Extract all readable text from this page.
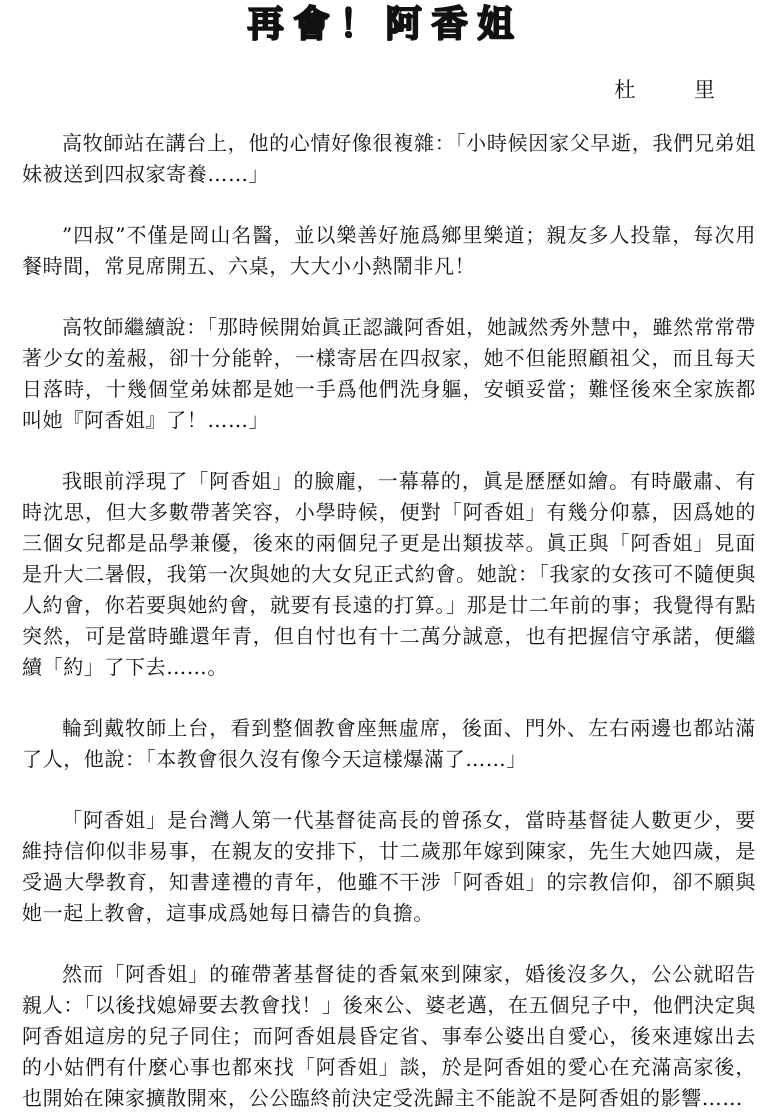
再會！阿香姐
杜 里

高牧師站在講台上，他的心情好像很複雜：「小時候因家父早逝，我們兄弟姐妹被送到四叔家寄養……」

”四叔”不僅是岡山名醫，並以樂善好施爲鄉里樂道；親友多人投靠，每次用餐時間，常見席開五、六桌，大大小小熱鬧非凡！

高牧師繼續說：「那時候開始眞正認識阿香姐，她誠然秀外慧中，雖然常常帶著少女的羞赧，卻十分能幹，一樣寄居在四叔家，她不但能照顧祖父，而且每天日落時，十幾個堂弟妹都是她一手爲他們洗身軀，安頓妥當；難怪後來全家族都叫她『阿香姐』了！……」

我眼前浮現了「阿香姐」的臉龐，一幕幕的，眞是歷歷如繪。有時嚴肅、有時沈思，但大多數帶著笑容，小學時候，便對「阿香姐」有幾分仰慕，因爲她的三個女兒都是品學兼優，後來的兩個兒子更是出類拔萃。眞正與「阿香姐」見面是升大二暑假，我第一次與她的大女兒正式約會。她說：「我家的女孩可不隨便與人約會，你若要與她約會，就要有長遠的打算。」那是廿二年前的事；我覺得有點突然，可是當時雖還年青，但自忖也有十二萬分誠意，也有把握信守承諾，便繼續「約」了下去……。

輪到戴牧師上台，看到整個教會座無虛席，後面、門外、左右兩邊也都站滿了人，他說：「本教會很久沒有像今天這樣爆滿了……」

「阿香姐」是台灣人第一代基督徒高長的曾孫女，當時基督徒人數更少，要維持信仰似非易事，在親友的安排下，廿二歲那年嫁到陳家，先生大她四歲，是受過大學教育，知書達禮的青年，他雖不干涉「阿香姐」的宗教信仰，卻不願與她一起上教會，這事成爲她每日禱告的負擔。

然而「阿香姐」的確帶著基督徒的香氣來到陳家，婚後沒多久，公公就昭告親人：「以後找媳婦要去教會找！」後來公、婆老邁，在五個兒子中，他們決定與阿香姐這房的兒子同住；而阿香姐晨昏定省、事奉公婆出自愛心，後來連嫁出去的小姑們有什麼心事也都來找「阿香姐」談，於是阿香姐的愛心在充滿高家後，也開始在陳家擴散開來，公公臨終前決定受洗歸主不能說不是阿香姐的影響……
